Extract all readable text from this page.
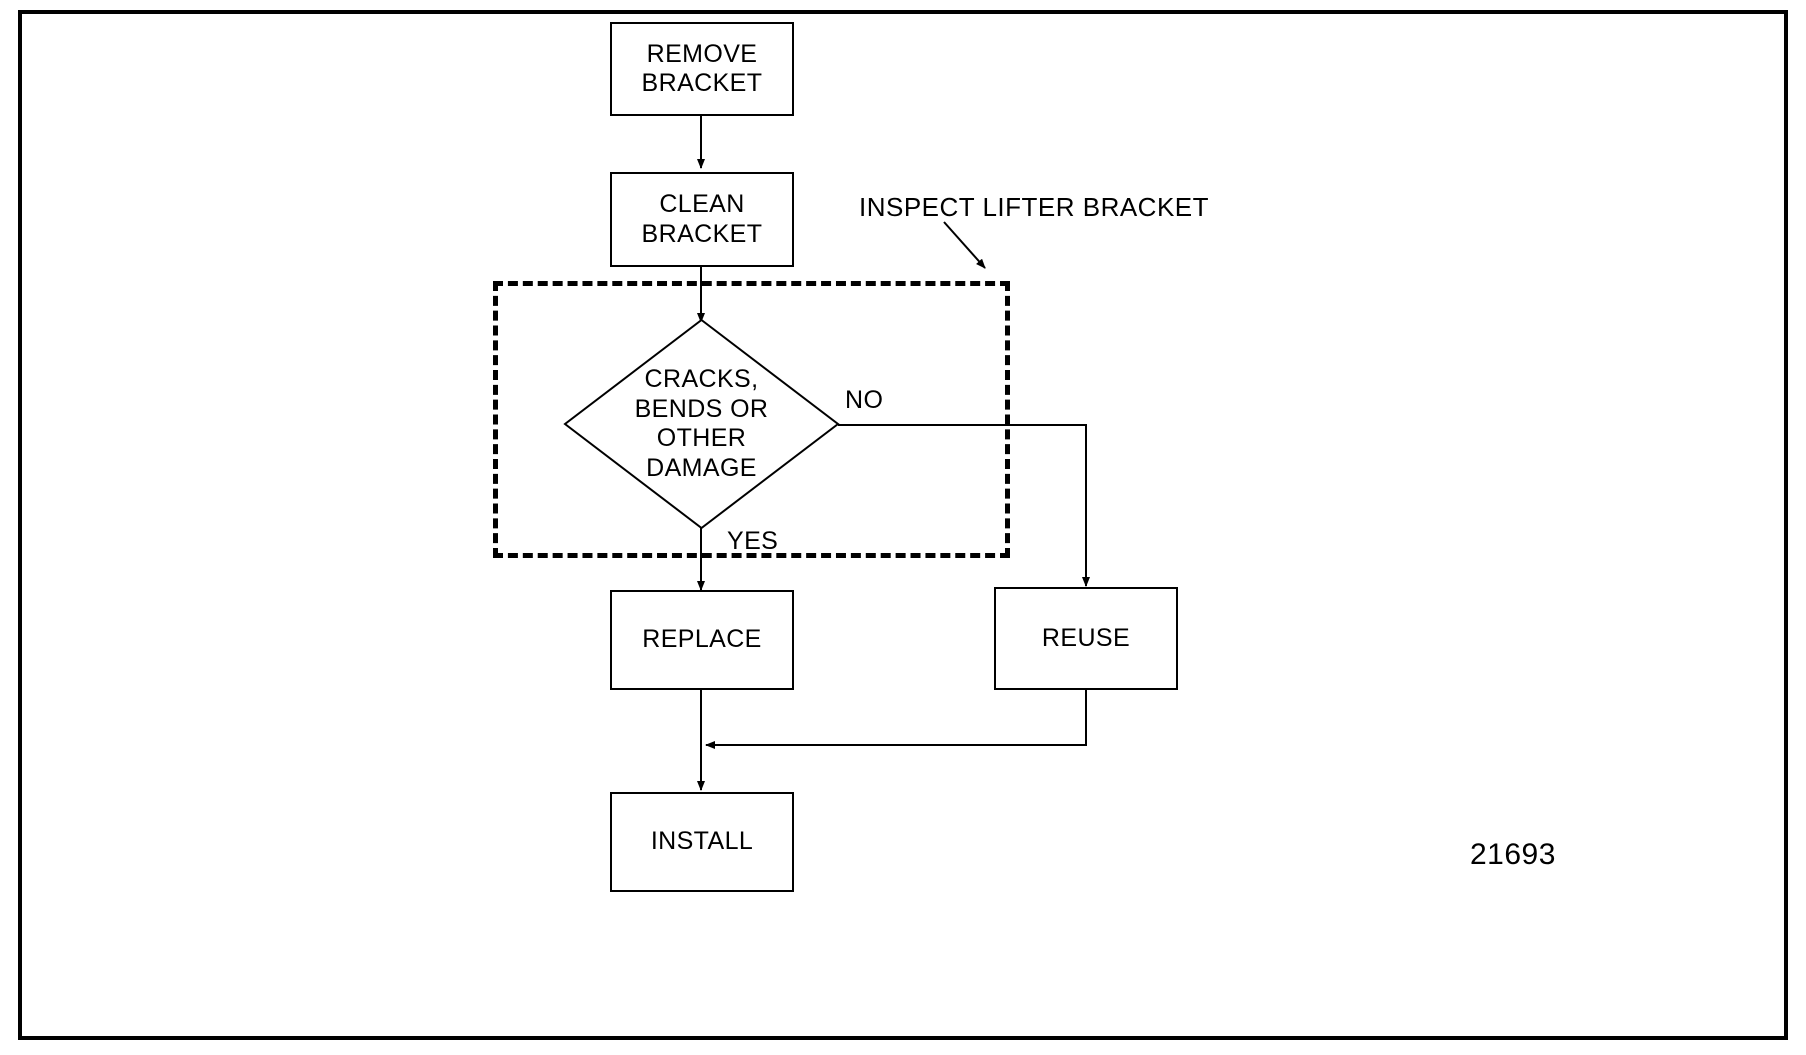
INSPECT LIFTER BRACKET
REMOVE
BRACKET
CLEAN
BRACKET
CRACKS,
BENDS OR
OTHER
DAMAGE
NO
YES
REPLACE	REUSE
INSTALL	21693
